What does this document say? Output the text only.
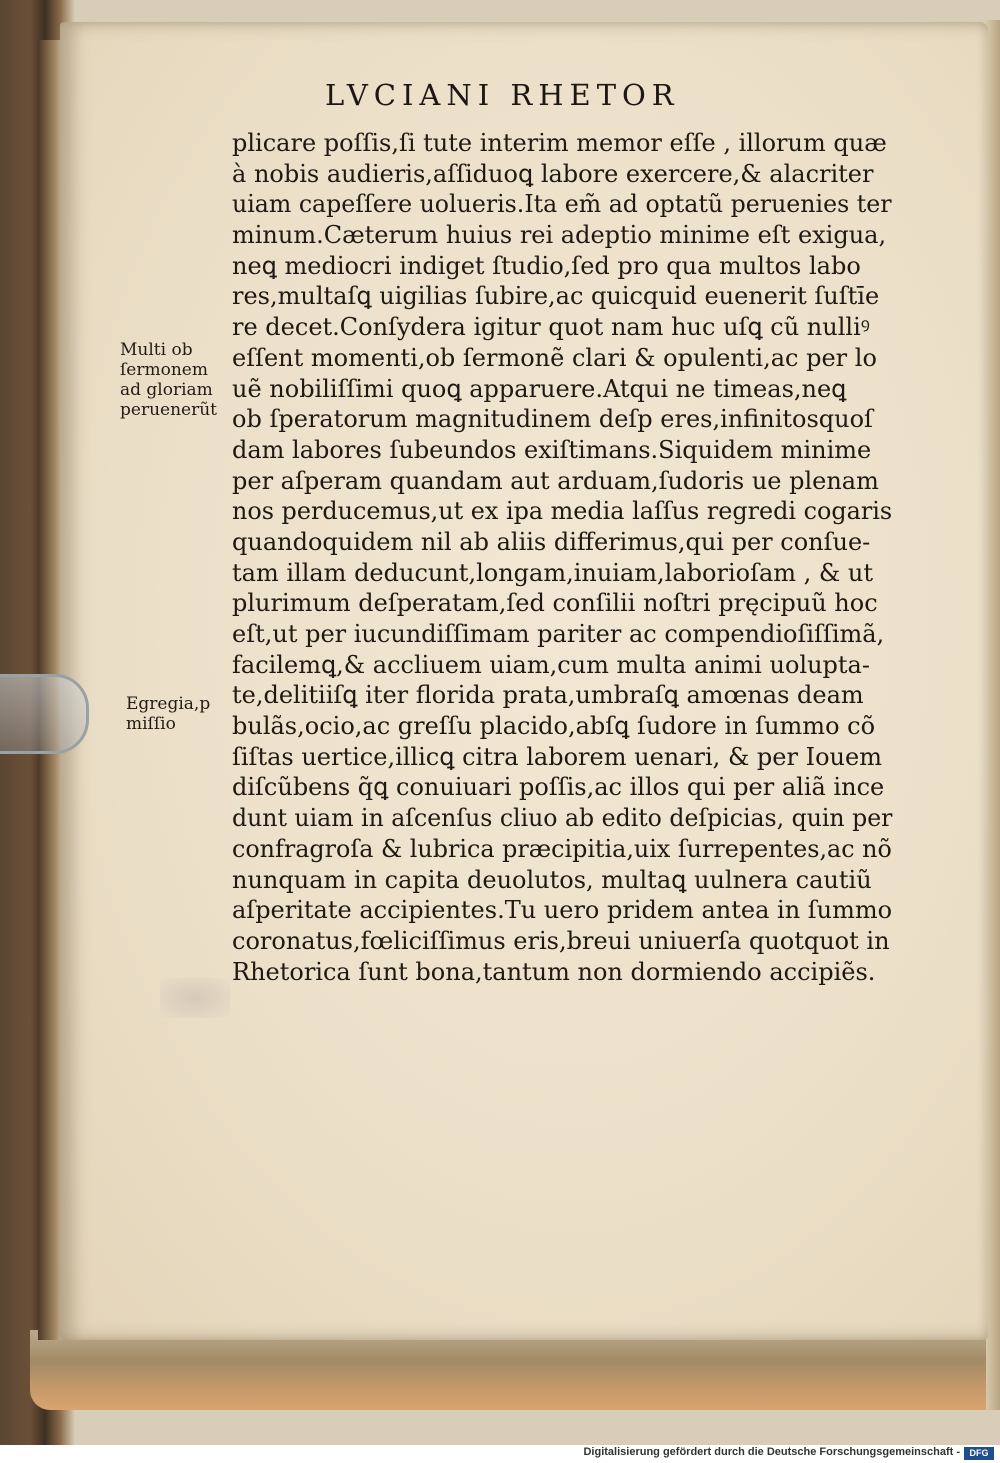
LVCIANI RHETOR
plicare poſſis,ſi tute interim memor eſſe , illorum quæ
à nobis audieris,aſſiduoꝗ labore exercere,& alacriter
uiam capeſſere uolueris.Ita em̃ ad optatũ peruenies ter
minum.Cæterum huius rei adeptio minime eſt exigua,
neꝗ mediocri indiget ſtudio,ſed pro qua multos labo
res,multaſꝗ uigilias ſubire,ac quicquid euenerit ſuſtīe
re decet.Conſydera igitur quot nam huc uſꝗ cũ nulliꝰ
eſſent momenti,ob ſermonẽ clari & opulenti,ac per lo
uẽ nobiliſſimi quoꝗ apparuere.Atqui ne timeas,neꝗ
ob ſperatorum magnitudinem deſp eres,infinitosquoſ
dam labores ſubeundos exiſtimans.Siquidem minime
per aſperam quandam aut arduam,ſudoris ue plenam
nos perducemus,ut ex ipa media laſſus regredi cogaris
quandoquidem nil ab aliis differimus,qui per conſue-
tam illam deducunt,longam,inuiam,laborioſam , & ut
plurimum deſperatam,ſed conſilii noſtri pręcipuũ hoc
eſt,ut per iucundiſſimam pariter ac compendioſiſſimã,
facilemꝗ,& accliuem uiam,cum multa animi uolupta-
te,delitiiſꝗ iter florida prata,umbraſꝗ amœnas deam
bulãs,ocio,ac greſſu placido,abſꝗ ſudore in ſummo cõ
ſiſtas uertice,illicꝗ citra laborem uenari, & per Iouem
diſcũbens q̃ꝗ conuiuari poſſis,ac illos qui per aliã ince
dunt uiam in aſcenſus cliuo ab edito deſpicias, quin per
confragroſa & lubrica præcipitia,uix ſurrepentes,ac nõ
nunquam in capita deuolutos, multaꝗ uulnera cautiũ
aſperitate accipientes.Tu uero pridem antea in ſummo
coronatus,fœliciſſimus eris,breui uniuerſa quotquot in
Rhetorica ſunt bona,tantum non dormiendo accipiẽs.
Multi ob
ſermonem
ad gloriam
peruenerũt
Egregia,p
miſſio
Digitalisierung gefördert durch die Deutsche Forschungsgemeinschaft -	DFG
